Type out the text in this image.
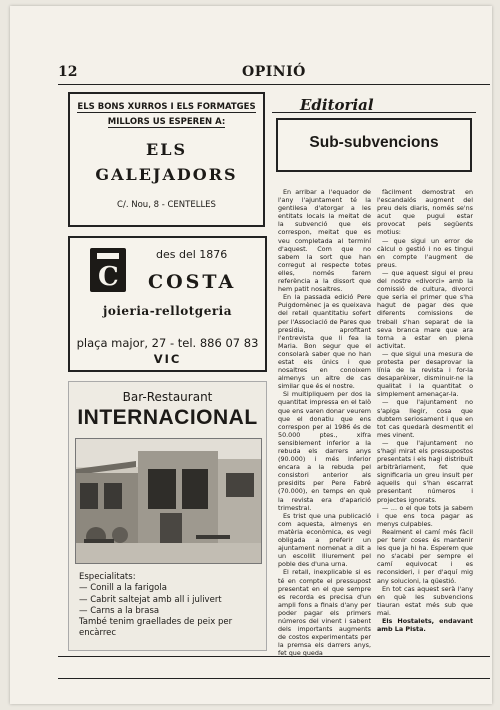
12	OPINIÓ
ELS BONS XURROS I ELS FORMATGES
MILLORS US ESPEREN A:
ELS
GALEJADORS
C/. Nou, 8 - CENTELLES
C
des del 1876
COSTA
joieria-rellotgeria
plaça major, 27 - tel. 886 07 83
VIC
Bar-Restaurant
INTERNACIONAL
Especialitats:
— Conill a la farigola
— Cabrit saltejat amb all i julivert
— Carns a la brasa
També tenim graellades de peix per encàrrec
Editorial
Sub-subvencions

En arribar a l'equador de l'any l'ajuntament té la gentilesa d'atorgar a les entitats locals la meitat de la subvenció que els correspon, meitat que es veu completada al terminí d'aquest. Com que no sabem la sort que han corregut al respecte totes elles, només farem referència a la dissort que hem patit nosaltres.

En la passada edició Pere Puigdomènec ja es queixava del retall quantitatiu sofert per l'Associació de Pares que presidia, aprofitant l'entrevista que li fea la Maria. Bon segur que el consolarà saber que no han estat els únics i que nosaltres en conoixem almenys un altre de cas similar que és el nostre.

Si multipliquem per dos la quantitat impressa en el talò que ens varen donar veurem que el donatiu que ens correspon per al 1986 és de 50.000 ptes., xifra sensiblement inferior a la rebuda els darrers anys (90.000) i més inferior encara a la rebuda pel consistori anterior als presidits per Pere Fabré (70.000), en temps en què la revista era d'aparició trimestral.

Es trist que una publicació com aquesta, almenys en matèria econòmica, es vegi obligada a preferir un ajuntament nomenat a dit a un escollit lliurement pel poble des d'una urna.

El retall, inexplicable si es té en compte el pressupost presentat en el que sempre es recorda es precisa d'un ampli fons a finals d'any per poder pagar els primers números del vinent i sabent dels importants augments de costos experimentats per la premsa els darrers anys, fet que queda

fàcilment demostrat en l'escandalós augment del preu dels diaris, només se'ns acut que pugui estar provocat pels següents motius:

— que sigui un error de càlcul o gestió i no es tingui en compte l'augment de preus.

— que aquest sigui el preu del nostre «divorci» amb la comissió de cultura, divorci que seria el primer que s'ha hagut de pagar des que diferents comissions de treball s'han separat de la seva branca mare que ara torna a estar en plena activitat.

— que sigui una mesura de protesta per desaprovar la línia de la revista i for-la desaparèixer, disminuir-ne la qualitat i la quantitat o simplement amenaçar-la.

— que l'ajuntament no s'apiga llegir, cosa que dubtem seriosament i que en tot cas quedarà desmentit el mes vinent.

— que l'ajuntament no s'hagi mirat els pressupostos presentats i els hagi distribuït arbitràriament, fet que significaria un greu insult per aquells qui s'han escarrat presentant números i projectes ignorats.

— ... o el que tots ja sabem i que ens toca pagar as menys culpables.

Realment el camí més fàcil per tenir coses és mantenir les que ja hi ha. Esperem que no s'acabi per sempre el camí equivocat i es reconsideri, i per d'aquí mig any solucioni, la qüestió.

En tot cas aquest serà l'any en què les subvencions tiauran estat més sub que mai.

Els Hostalets, endavant amb La Pista.
